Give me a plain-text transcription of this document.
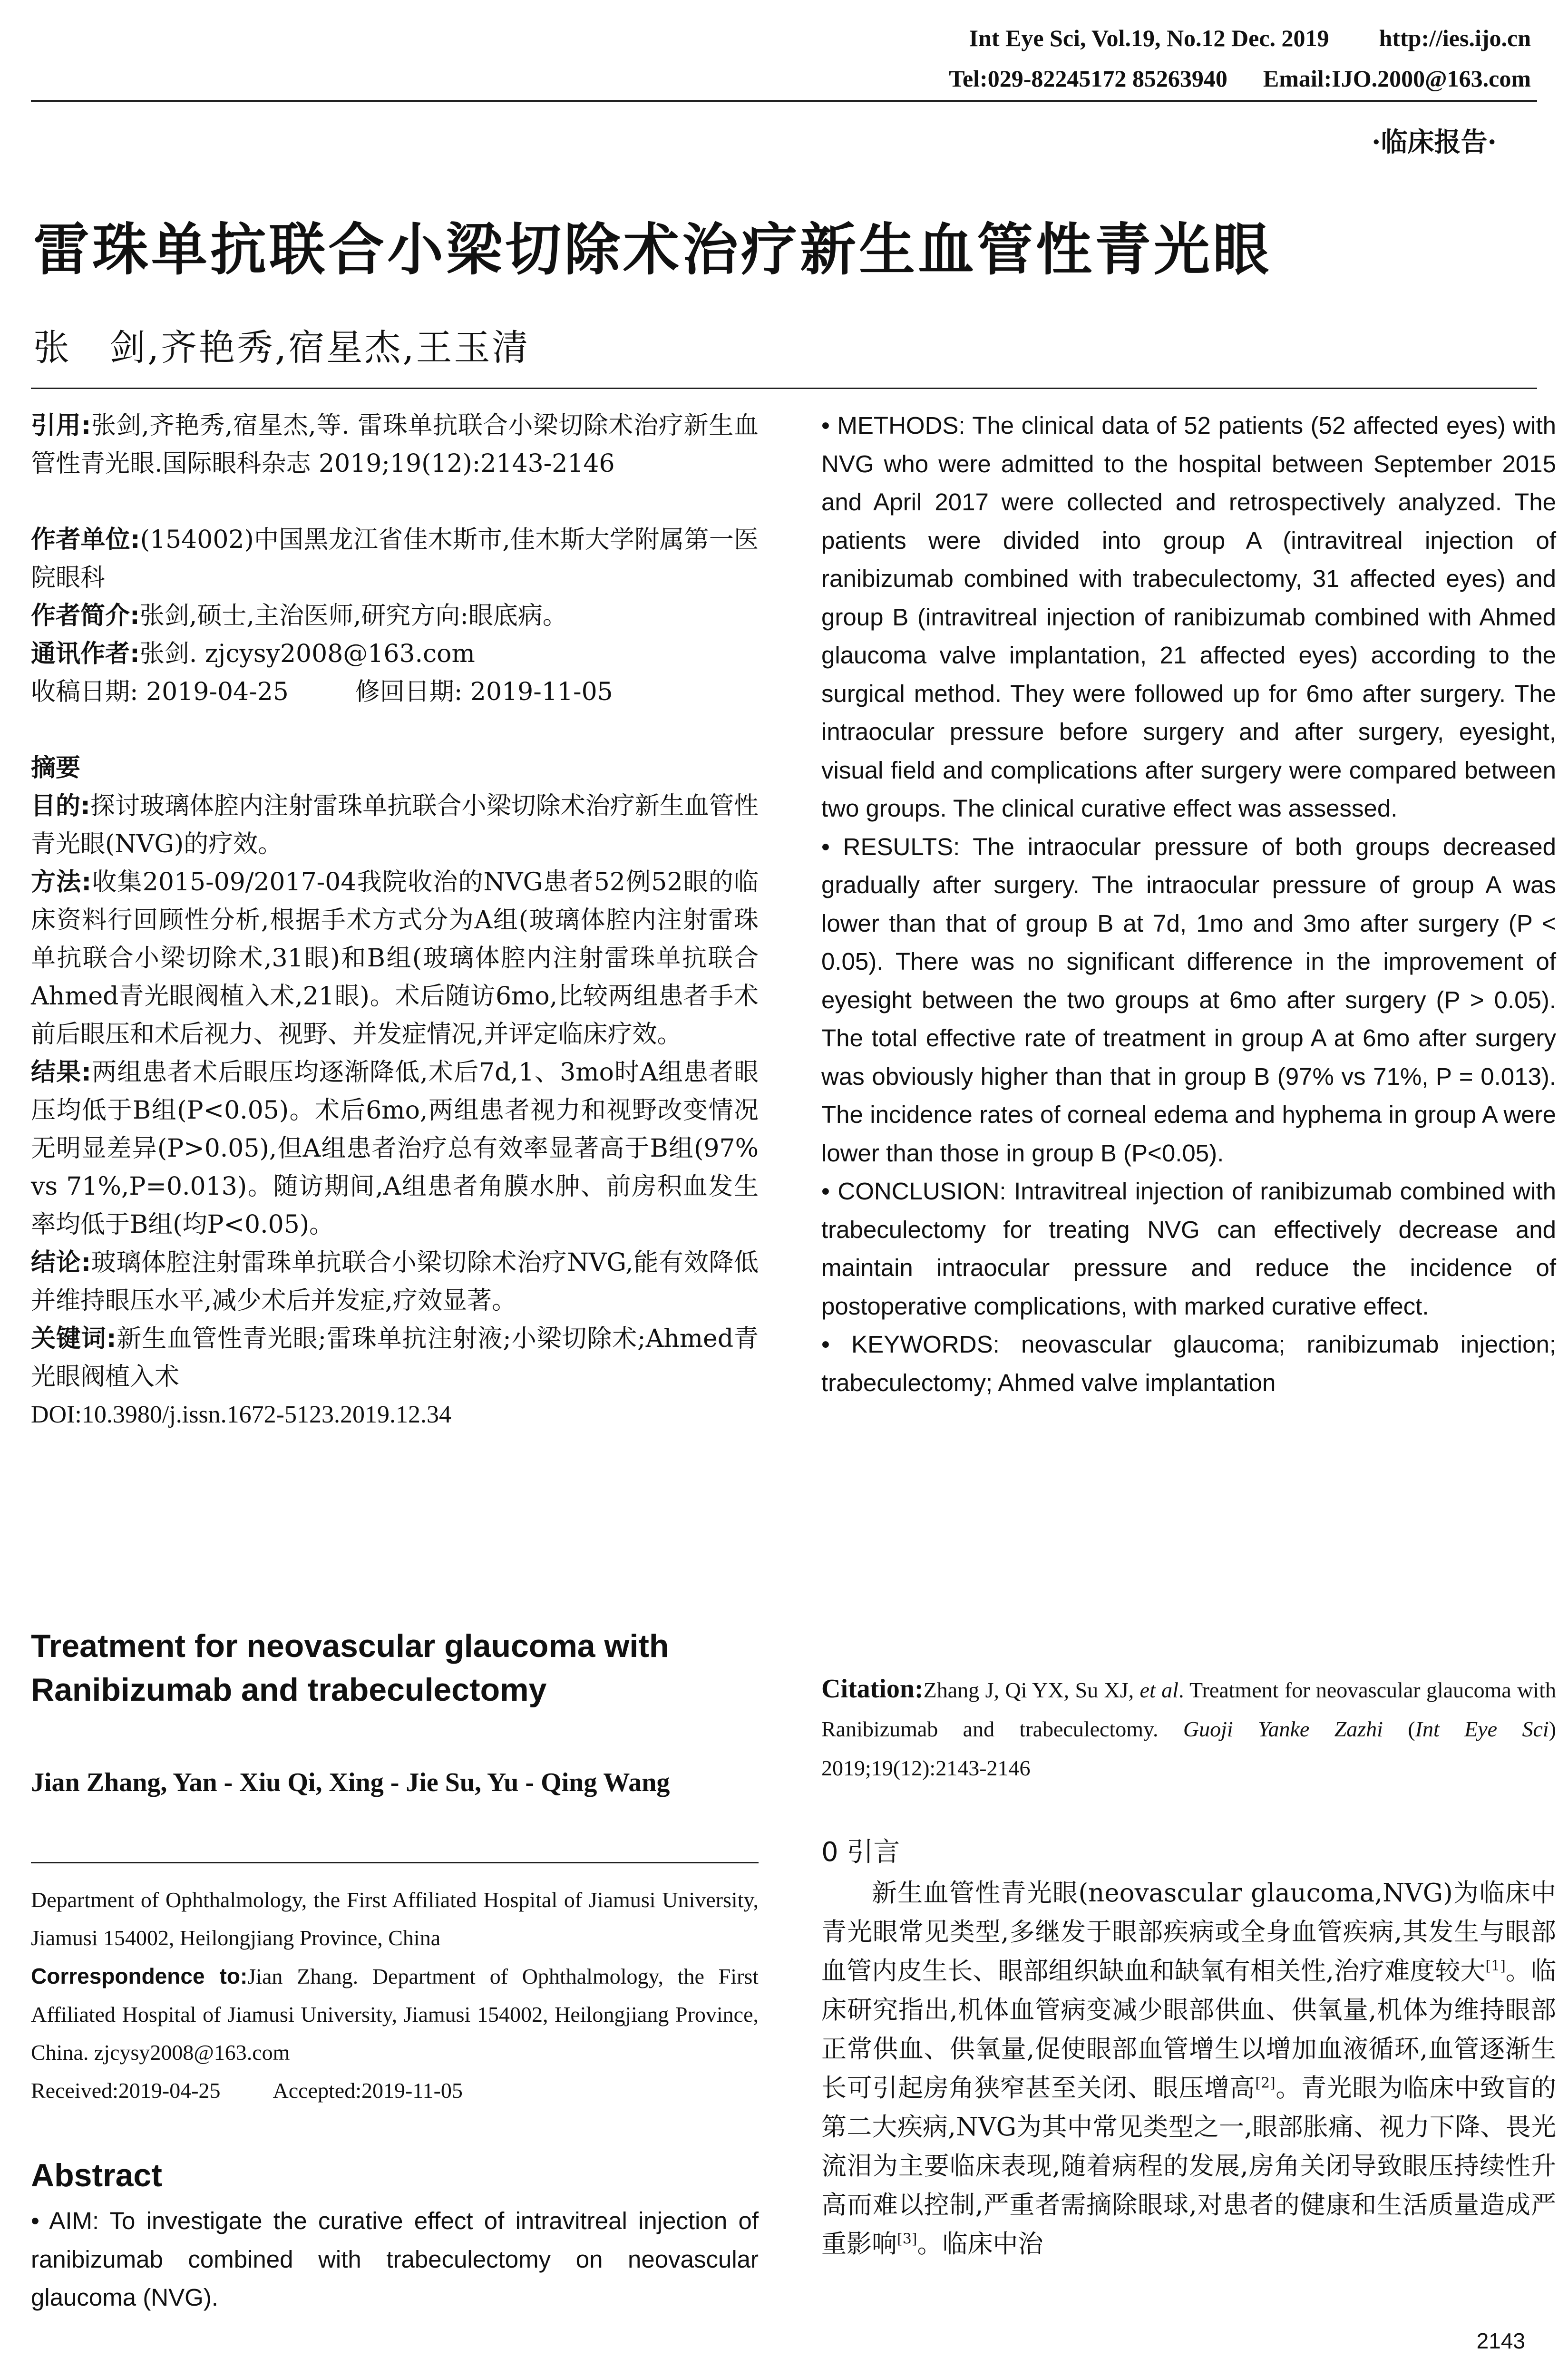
Int Eye Sci, Vol.19, No.12 Dec. 2019 http://ies.ijo.cn
Tel:029-82245172 85263940 Email:IJO.2000@163.com
·临床报告·
雷珠单抗联合小梁切除术治疗新生血管性青光眼
张　剑,齐艳秀,宿星杰,王玉清

引用:张剑,齐艳秀,宿星杰,等. 雷珠单抗联合小梁切除术治疗新生血管性青光眼.国际眼科杂志 2019;19(12):2143-2146

作者单位:(154002)中国黑龙江省佳木斯市,佳木斯大学附属第一医院眼科

作者简介:张剑,硕士,主治医师,研究方向:眼底病。

通讯作者:张剑. zjcysy2008@163.com

收稿日期: 2019-04-25	修回日期: 2019-11-05

摘要

目的:探讨玻璃体腔内注射雷珠单抗联合小梁切除术治疗新生血管性青光眼(NVG)的疗效。

方法:收集2015-09/2017-04我院收治的NVG患者52例52眼的临床资料行回顾性分析,根据手术方式分为A组(玻璃体腔内注射雷珠单抗联合小梁切除术,31眼)和B组(玻璃体腔内注射雷珠单抗联合Ahmed青光眼阀植入术,21眼)。术后随访6mo,比较两组患者手术前后眼压和术后视力、视野、并发症情况,并评定临床疗效。

结果:两组患者术后眼压均逐渐降低,术后7d,1、3mo时A组患者眼压均低于B组(P<0.05)。术后6mo,两组患者视力和视野改变情况无明显差异(P>0.05),但A组患者治疗总有效率显著高于B组(97% vs 71%,P=0.013)。随访期间,A组患者角膜水肿、前房积血发生率均低于B组(均P<0.05)。

结论:玻璃体腔注射雷珠单抗联合小梁切除术治疗NVG,能有效降低并维持眼压水平,减少术后并发症,疗效显著。

关键词:新生血管性青光眼;雷珠单抗注射液;小梁切除术;Ahmed青光眼阀植入术

DOI:10.3980/j.issn.1672-5123.2019.12.34

Treatment for neovascular glaucoma with Ranibizumab and trabeculectomy
Jian Zhang, Yan - Xiu Qi, Xing - Jie Su, Yu - Qing Wang
Department of Ophthalmology, the First Affiliated Hospital of Jiamusi University, Jiamusi 154002, Heilongjiang Province, China
Correspondence to:Jian Zhang. Department of Ophthalmology, the First Affiliated Hospital of Jiamusi University, Jiamusi 154002, Heilongjiang Province, China. zjcysy2008@163.com
Received:2019-04-25 Accepted:2019-11-05
Abstract

• AIM: To investigate the curative effect of intravitreal injection of ranibizumab combined with trabeculectomy on neovascular glaucoma (NVG).

• METHODS: The clinical data of 52 patients (52 affected eyes) with NVG who were admitted to the hospital between September 2015 and April 2017 were collected and retrospectively analyzed. The patients were divided into group A (intravitreal injection of ranibizumab combined with trabeculectomy, 31 affected eyes) and group B (intravitreal injection of ranibizumab combined with Ahmed glaucoma valve implantation, 21 affected eyes) according to the surgical method. They were followed up for 6mo after surgery. The intraocular pressure before surgery and after surgery, eyesight, visual field and complications after surgery were compared between two groups. The clinical curative effect was assessed.

• RESULTS: The intraocular pressure of both groups decreased gradually after surgery. The intraocular pressure of group A was lower than that of group B at 7d, 1mo and 3mo after surgery (P < 0.05). There was no significant difference in the improvement of eyesight between the two groups at 6mo after surgery (P > 0.05). The total effective rate of treatment in group A at 6mo after surgery was obviously higher than that in group B (97% vs 71%, P = 0.013). The incidence rates of corneal edema and hyphema in group A were lower than those in group B (P<0.05).

• CONCLUSION: Intravitreal injection of ranibizumab combined with trabeculectomy for treating NVG can effectively decrease and maintain intraocular pressure and reduce the incidence of postoperative complications, with marked curative effect.

• KEYWORDS: neovascular glaucoma; ranibizumab injection; trabeculectomy; Ahmed valve implantation

Citation:Zhang J, Qi YX, Su XJ, et al. Treatment for neovascular glaucoma with Ranibizumab and trabeculectomy. Guoji Yanke Zazhi (Int Eye Sci) 2019;19(12):2143-2146
0 引言

新生血管性青光眼(neovascular glaucoma,NVG)为临床中青光眼常见类型,多继发于眼部疾病或全身血管疾病,其发生与眼部血管内皮生长、眼部组织缺血和缺氧有相关性,治疗难度较大[1]。临床研究指出,机体血管病变减少眼部供血、供氧量,机体为维持眼部正常供血、供氧量,促使眼部血管增生以增加血液循环,血管逐渐生长可引起房角狭窄甚至关闭、眼压增高[2]。青光眼为临床中致盲的第二大疾病,NVG为其中常见类型之一,眼部胀痛、视力下降、畏光流泪为主要临床表现,随着病程的发展,房角关闭导致眼压持续性升高而难以控制,严重者需摘除眼球,对患者的健康和生活质量造成严重影响[3]。临床中治

2143
